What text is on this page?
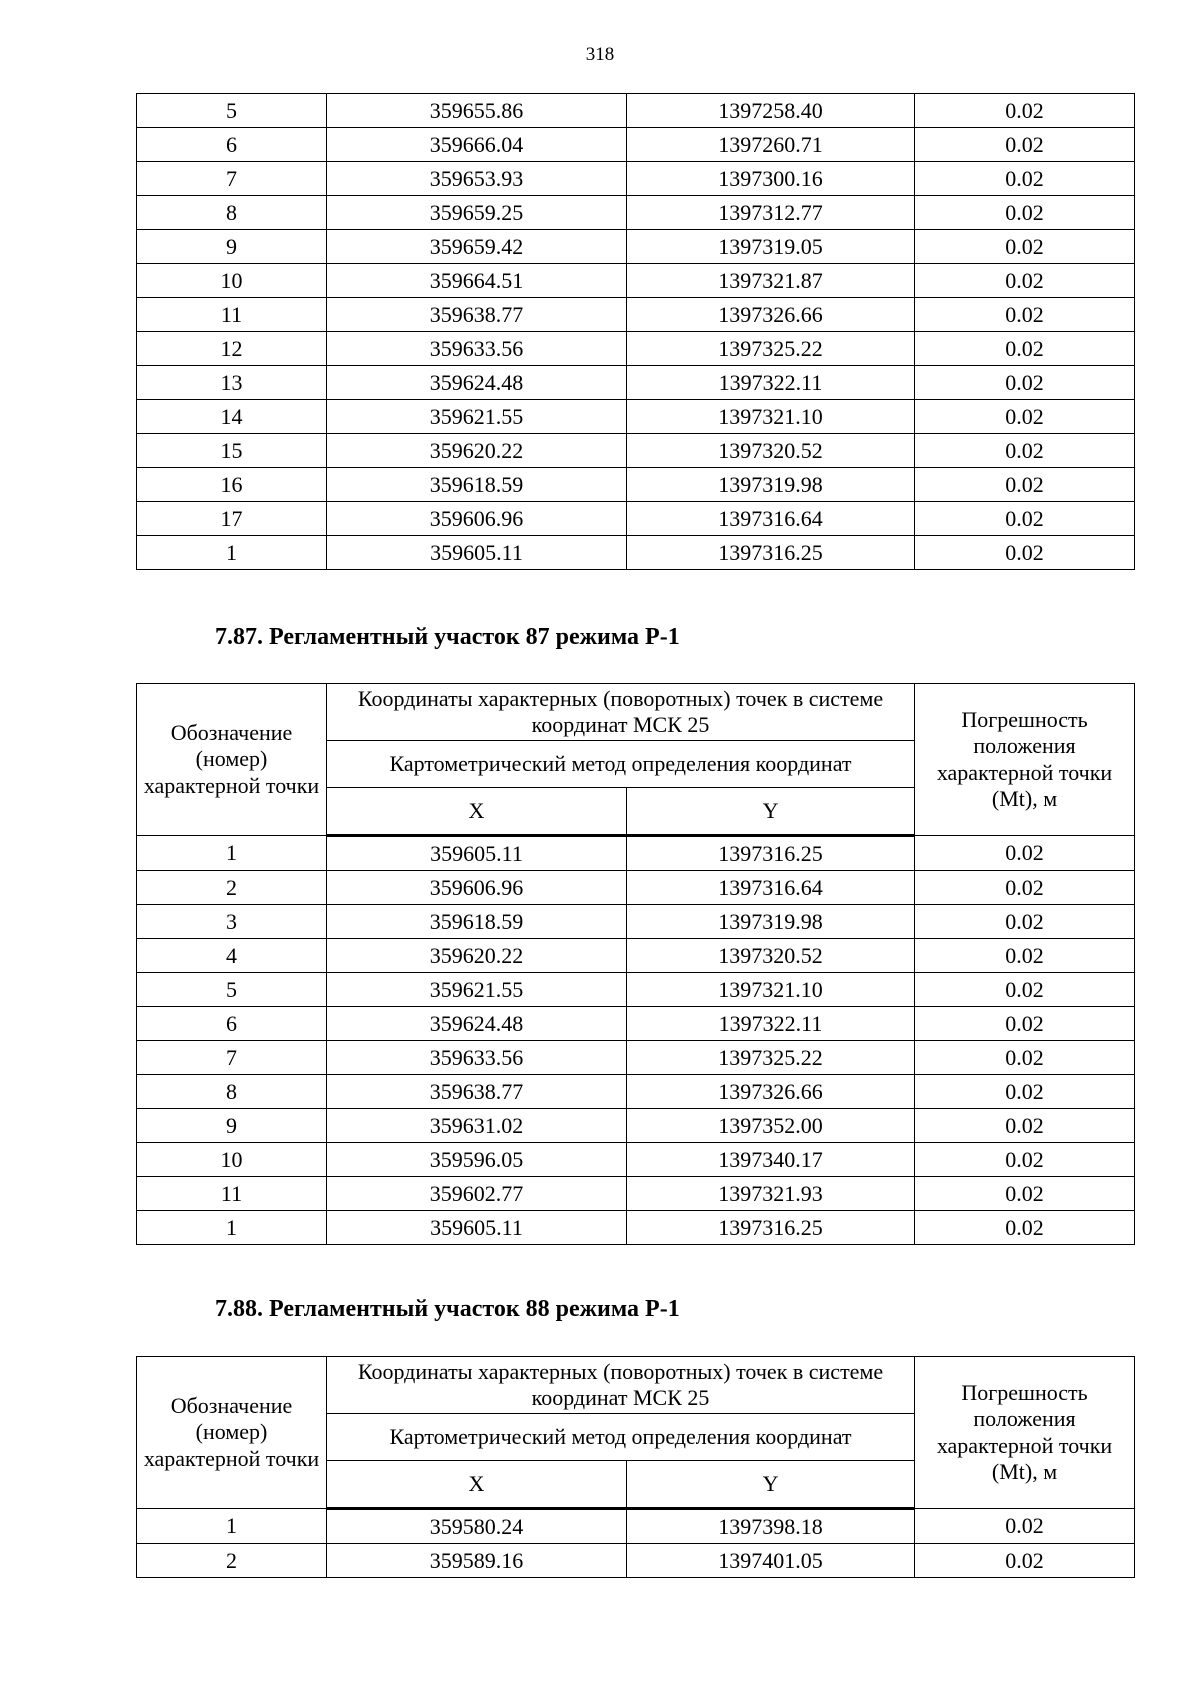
318
5	359655.86	1397258.40	0.02
6	359666.04	1397260.71	0.02
7	359653.93	1397300.16	0.02
8	359659.25	1397312.77	0.02
9	359659.42	1397319.05	0.02
10	359664.51	1397321.87	0.02
11	359638.77	1397326.66	0.02
12	359633.56	1397325.22	0.02
13	359624.48	1397322.11	0.02
14	359621.55	1397321.10	0.02
15	359620.22	1397320.52	0.02
16	359618.59	1397319.98	0.02
17	359606.96	1397316.64	0.02
1	359605.11	1397316.25	0.02
7.87. Регламентный участок 87 режима Р-1
Обозначение (номер) характерной точки	Координаты характерных (поворотных) точек в системе координат МСК 25		Погрешность положения характерной точки (Mt), м
	Картометрический метод определения координат		
	X	Y	
1	359605.11	1397316.25	0.02
2	359606.96	1397316.64	0.02
3	359618.59	1397319.98	0.02
4	359620.22	1397320.52	0.02
5	359621.55	1397321.10	0.02
6	359624.48	1397322.11	0.02
7	359633.56	1397325.22	0.02
8	359638.77	1397326.66	0.02
9	359631.02	1397352.00	0.02
10	359596.05	1397340.17	0.02
11	359602.77	1397321.93	0.02
1	359605.11	1397316.25	0.02
7.88. Регламентный участок 88 режима Р-1
Обозначение (номер) характерной точки	Координаты характерных (поворотных) точек в системе координат МСК 25		Погрешность положения характерной точки (Mt), м
	Картометрический метод определения координат		
	X	Y	
1	359580.24	1397398.18	0.02
2	359589.16	1397401.05	0.02
